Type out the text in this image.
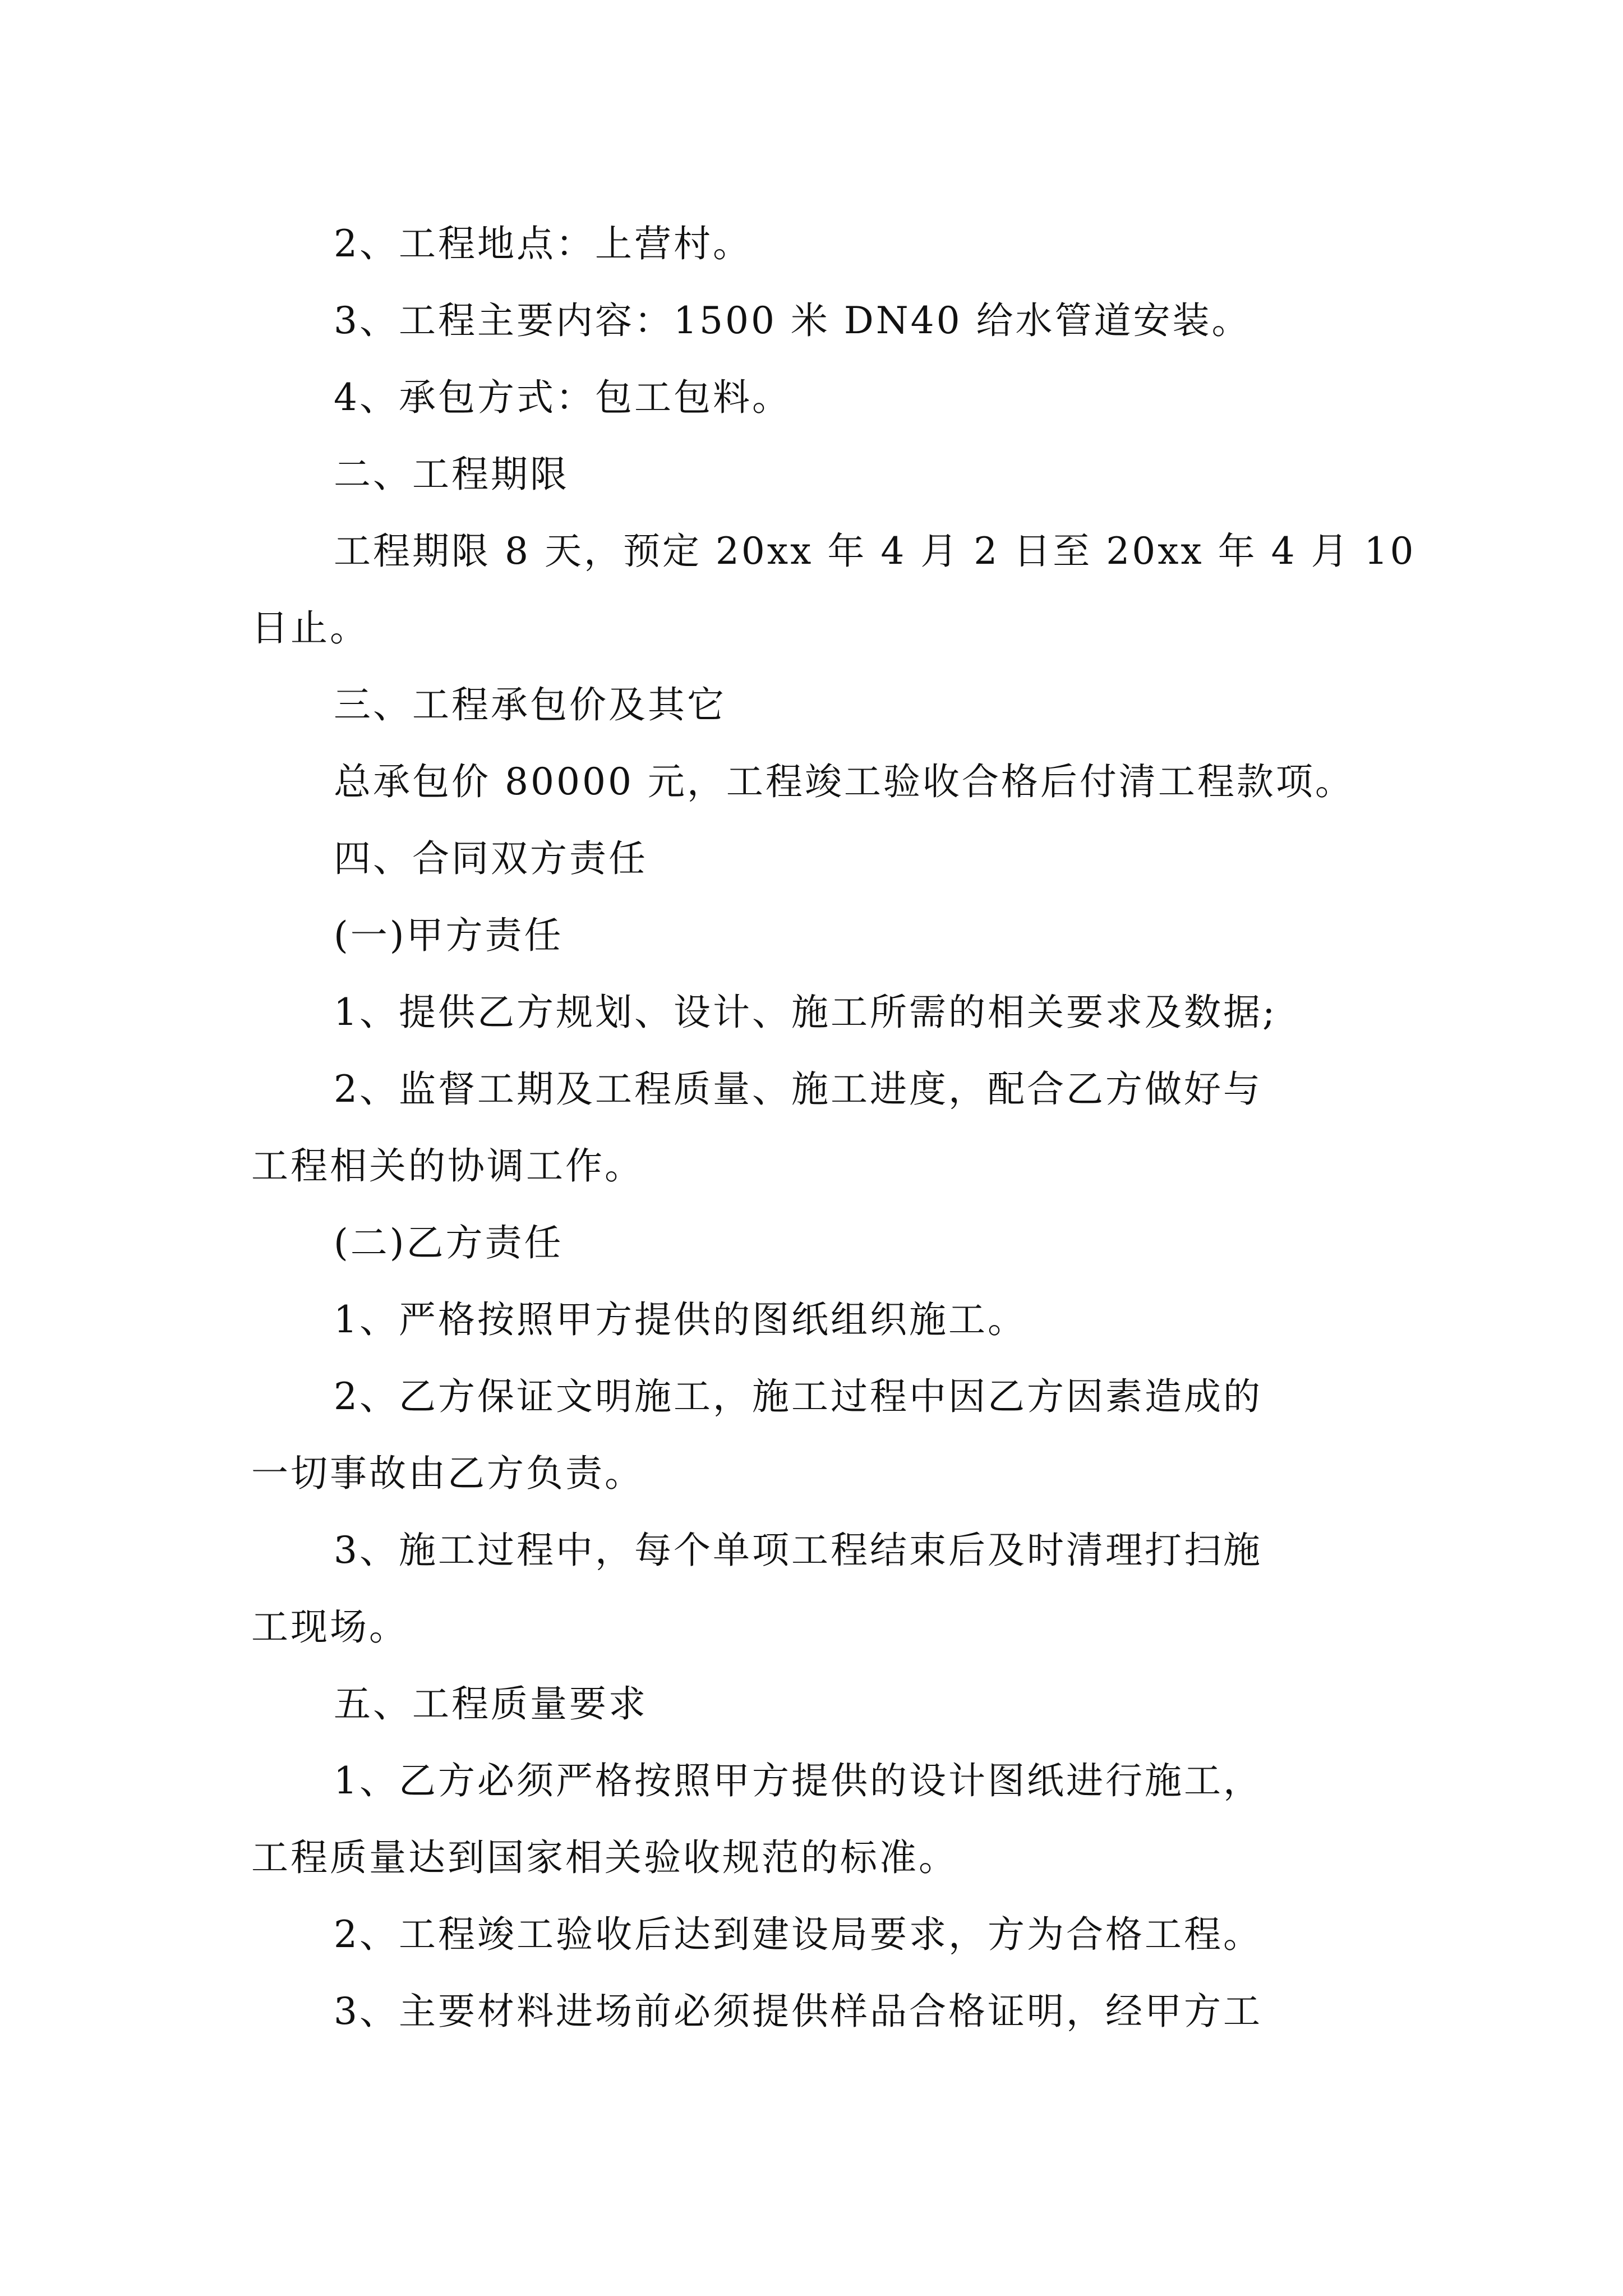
2、工程地点：上营村。
3、工程主要内容：1500 米 DN40 给水管道安装。
4、承包方式：包工包料。
二、工程期限
工程期限 8 天，预定 20xx 年 4 月 2 日至 20xx 年 4 月 10
日止。
三、工程承包价及其它
总承包价 80000 元，工程竣工验收合格后付清工程款项。
四、合同双方责任
(一)甲方责任
1、提供乙方规划、设计、施工所需的相关要求及数据;
2、监督工期及工程质量、施工进度，配合乙方做好与
工程相关的协调工作。
(二)乙方责任
1、严格按照甲方提供的图纸组织施工。
2、乙方保证文明施工，施工过程中因乙方因素造成的
一切事故由乙方负责。
3、施工过程中，每个单项工程结束后及时清理打扫施
工现场。
五、工程质量要求
1、乙方必须严格按照甲方提供的设计图纸进行施工，
工程质量达到国家相关验收规范的标准。
2、工程竣工验收后达到建设局要求，方为合格工程。
3、主要材料进场前必须提供样品合格证明，经甲方工
